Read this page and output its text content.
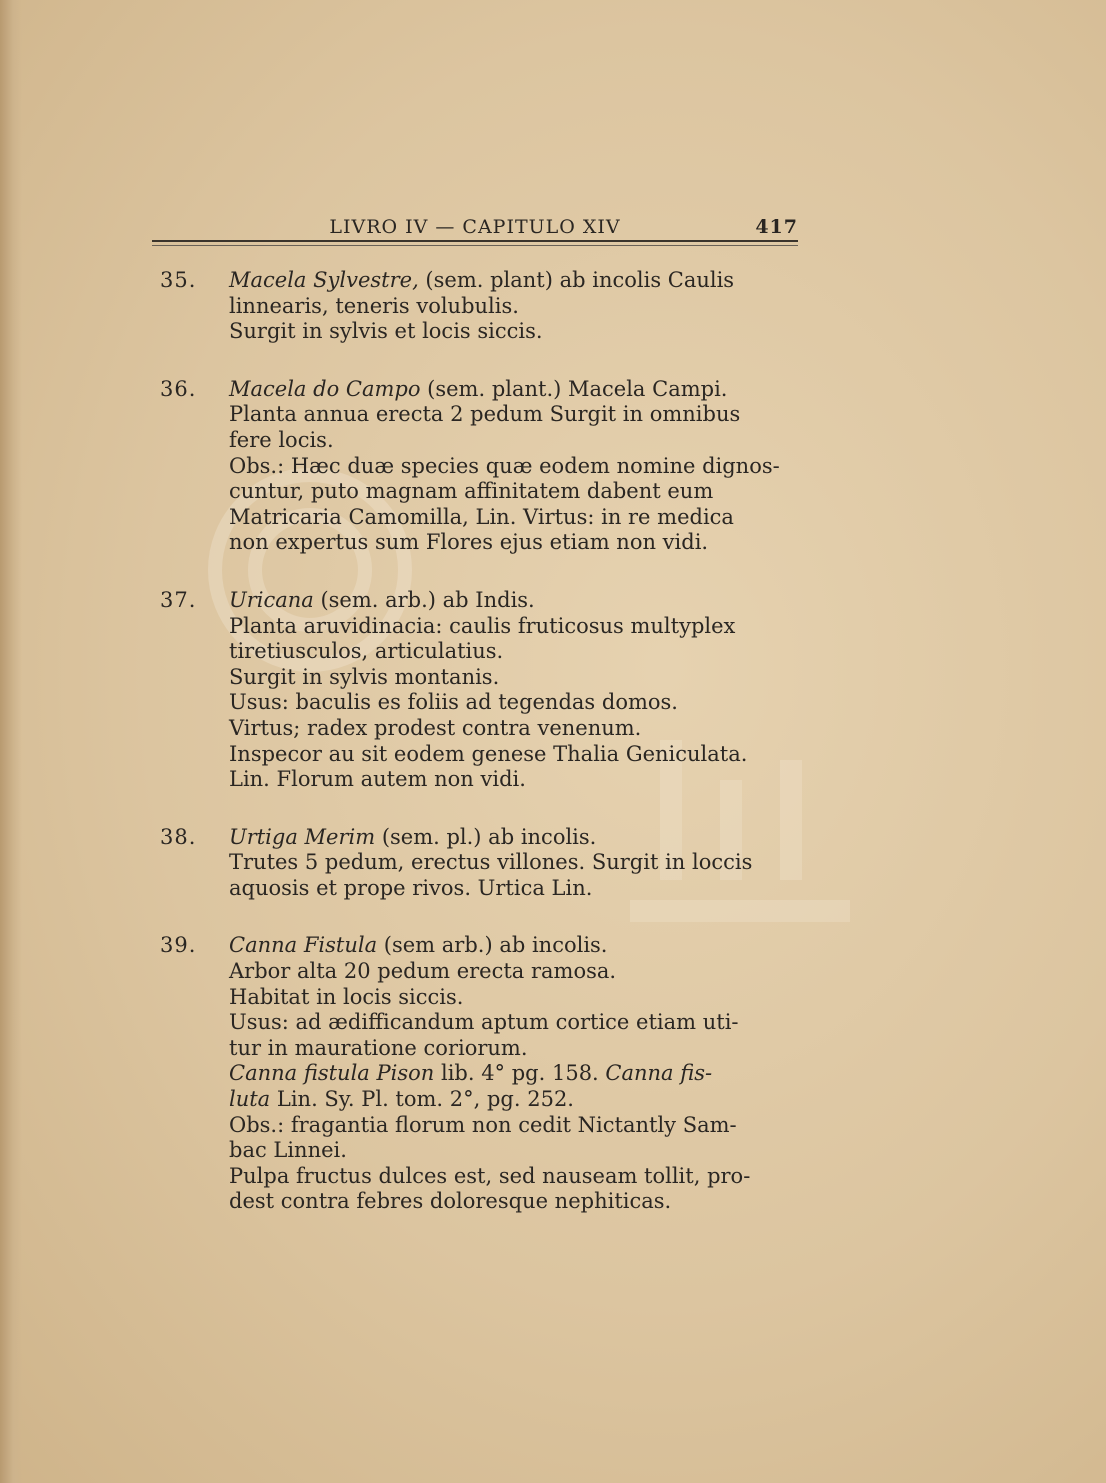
LIVRO IV — CAPITULO XIV	417
35. Macela Sylvestre, (sem. plant) ab incolis Caulis
linnearis, teneris volubulis.
Surgit in sylvis et locis siccis.
36. Macela do Campo (sem. plant.) Macela Campi.
Planta annua erecta 2 pedum Surgit in omnibus
fere locis.
Obs.: Hæc duæ species quæ eodem nomine dignos-
cuntur, puto magnam affinitatem dabent eum
Matricaria Camomilla, Lin. Virtus: in re medica
non expertus sum Flores ejus etiam non vidi.
37. Uricana (sem. arb.) ab Indis.
Planta aruvidinacia: caulis fruticosus multyplex
tiretiusculos, articulatius.
Surgit in sylvis montanis.
Usus: baculis es foliis ad tegendas domos.
Virtus; radex prodest contra venenum.
Inspecor au sit eodem genese Thalia Geniculata.
Lin. Florum autem non vidi.
38. Urtiga Merim (sem. pl.) ab incolis.
Trutes 5 pedum, erectus villones. Surgit in loccis
aquosis et prope rivos. Urtica Lin.
39. Canna Fistula (sem arb.) ab incolis.
Arbor alta 20 pedum erecta ramosa.
Habitat in locis siccis.
Usus: ad ædifficandum aptum cortice etiam uti-
tur in mauratione coriorum.
Canna fistula Pison lib. 4° pg. 158. Canna fis-
luta Lin. Sy. Pl. tom. 2°, pg. 252.
Obs.: fragantia florum non cedit Nictantly Sam-
bac Linnei.
Pulpa fructus dulces est, sed nauseam tollit, pro-
dest contra febres doloresque nephiticas.
